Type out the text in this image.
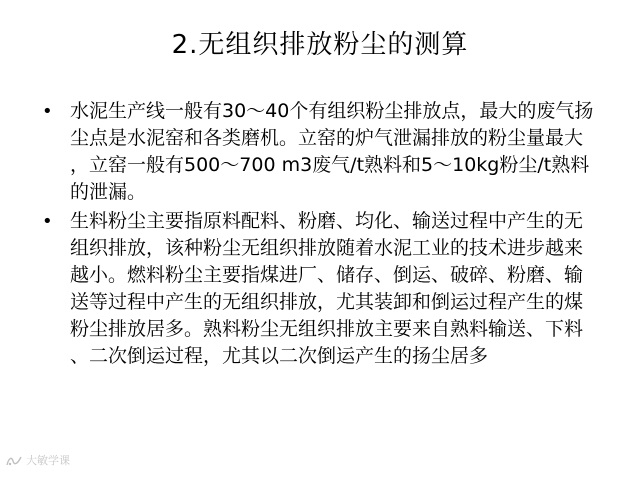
2.无组织排放粉尘的测算
• 水泥生产线一般有30～40个有组织粉尘排放点，最大的废气扬尘点是水泥窑和各类磨机。立窑的炉气泄漏排放的粉尘量最大，立窑一般有500～700 m3废气/t熟料和5～10kg粉尘/t熟料的泄漏。
• 生料粉尘主要指原料配料、粉磨、均化、输送过程中产生的无组织排放，该种粉尘无组织排放随着水泥工业的技术进步越来越小。燃料粉尘主要指煤进厂、储存、倒运、破碎、粉磨、输送等过程中产生的无组织排放，尤其装卸和倒运过程产生的煤粉尘排放居多。熟料粉尘无组织排放主要来自熟料输送、下料、二次倒运过程，尤其以二次倒运产生的扬尘居多
大敏学课
